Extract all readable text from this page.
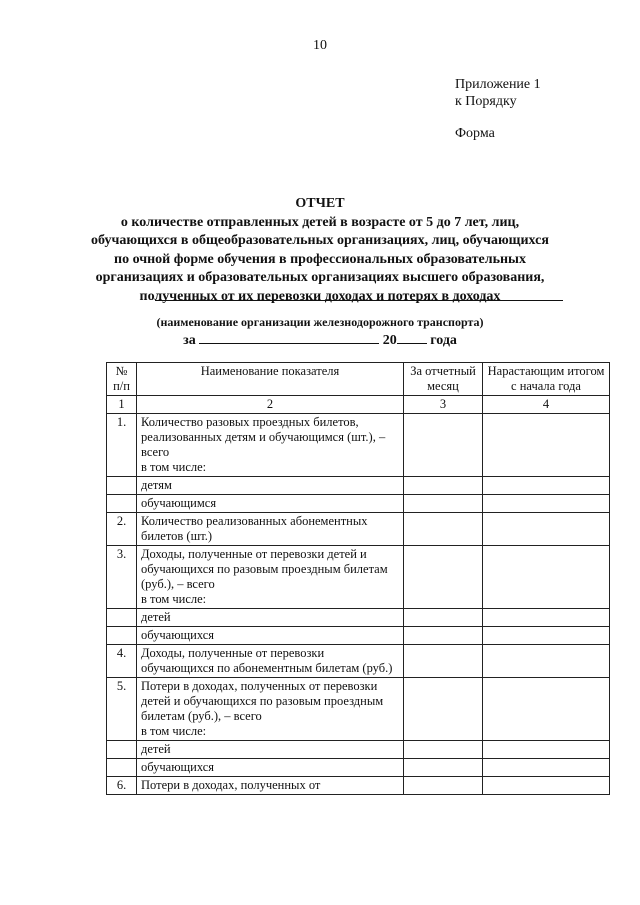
10
Приложение 1
к Порядку
Форма
ОТЧЕТ
о количестве отправленных детей в возрасте от 5 до 7 лет, лиц,
обучающихся в общеобразовательных организациях, лиц, обучающихся
по очной форме обучения в профессиональных образовательных
организациях и образовательных организациях высшего образования,
полученных от их перевозки доходах и потерях в доходах
(наименование организации железнодорожного транспорта)
за	20 года
№ п/п	Наименование показателя	За отчетный месяц	Нарастающим итогом с начала года
1	2	3	4
1.	Количество разовых проездных билетов, реализованных детям и обучающимся (шт.), – всего
в том числе:		

	детям		

	обучающимся		

2.	Количество реализованных абонементных билетов (шт.)		

3.	Доходы, полученные от перевозки детей и обучающихся по разовым проездным билетам (руб.), – всего
в том числе:		

	детей		

	обучающихся		

4.	Доходы, полученные от перевозки обучающихся по абонементным билетам (руб.)		

5.	Потери в доходах, полученных от перевозки детей и обучающихся по разовым проездным билетам (руб.), – всего
в том числе:		

	детей		

	обучающихся		

6.	Потери в доходах, полученных от		
